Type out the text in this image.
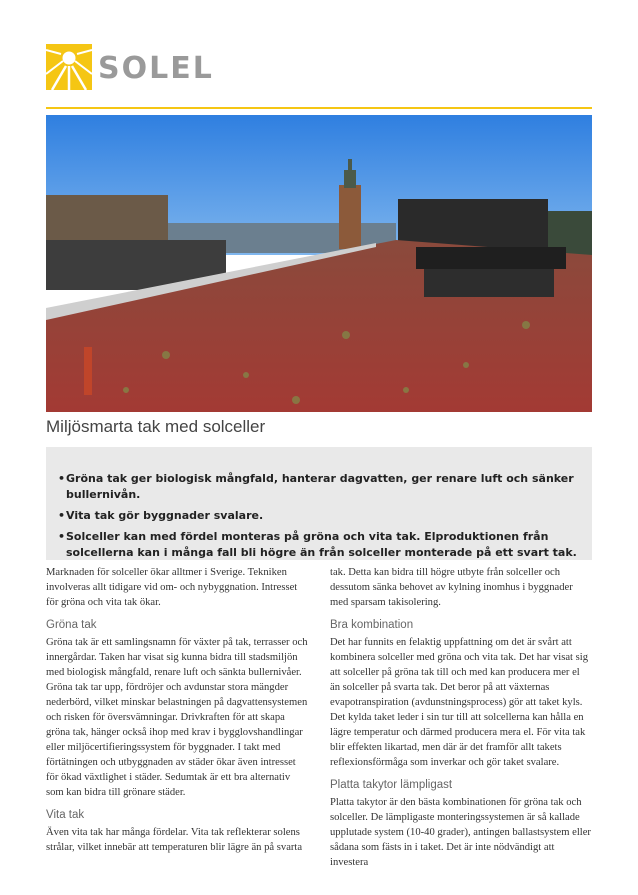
SOLEL
Miljösmarta tak med solceller
• Gröna tak ger biologisk mångfald, hanterar dagvatten, ger renare luft och sänker bullernivån.
• Vita tak gör byggnader svalare.
• Solceller kan med fördel monteras på gröna och vita tak. Elproduktionen från solcellerna kan i många fall bli högre än från solceller monterade på ett svart tak.

Marknaden för solceller ökar alltmer i Sverige. Tekniken involveras allt tidigare vid om- och nybyggnation. Intresset för gröna och vita tak ökar.

Gröna tak

Gröna tak är ett samlingsnamn för växter på tak, terrasser och innergårdar. Taken har visat sig kunna bidra till stadsmiljön med biologisk mångfald, renare luft och sänkta bullernivåer. Gröna tak tar upp, fördröjer och avdunstar stora mängder nederbörd, vilket minskar belastningen på dagvattensystemen och risken för översvämningar. Drivkraften för att skapa gröna tak, hänger också ihop med krav i bygglovshandlingar eller miljöcertifieringssystem för byggnader. I takt med förtätningen och utbyggnaden av städer ökar även intresset för ökad växtlighet i städer. Sedumtak är ett bra alternativ som kan bidra till grönare städer.

Vita tak

Även vita tak har många fördelar. Vita tak reflekterar solens strålar, vilket innebär att temperaturen blir lägre än på svarta

tak. Detta kan bidra till högre utbyte från solceller och dessutom sänka behovet av kylning inomhus i byggnader med sparsam takisolering.

Bra kombination

Det har funnits en felaktig uppfattning om det är svårt att kombinera solceller med gröna och vita tak. Det har visat sig att solceller på gröna tak till och med kan producera mer el än solceller på svarta tak. Det beror på att växternas evapotranspiration (avdunstningsprocess) gör att taket kyls. Det kylda taket leder i sin tur till att solcellerna kan hålla en lägre temperatur och därmed producera mera el. För vita tak blir effekten likartad, men där är det framför allt takets reflexionsförmåga som inverkar och gör taket svalare.

Platta takytor lämpligast

Platta takytor är den bästa kombinationen för gröna tak och solceller. De lämpligaste monteringssystemen är så kallade upplutade system (10-40 grader), antingen ballastsystem eller sådana som fästs in i taket. Det är inte nödvändigt att investera
